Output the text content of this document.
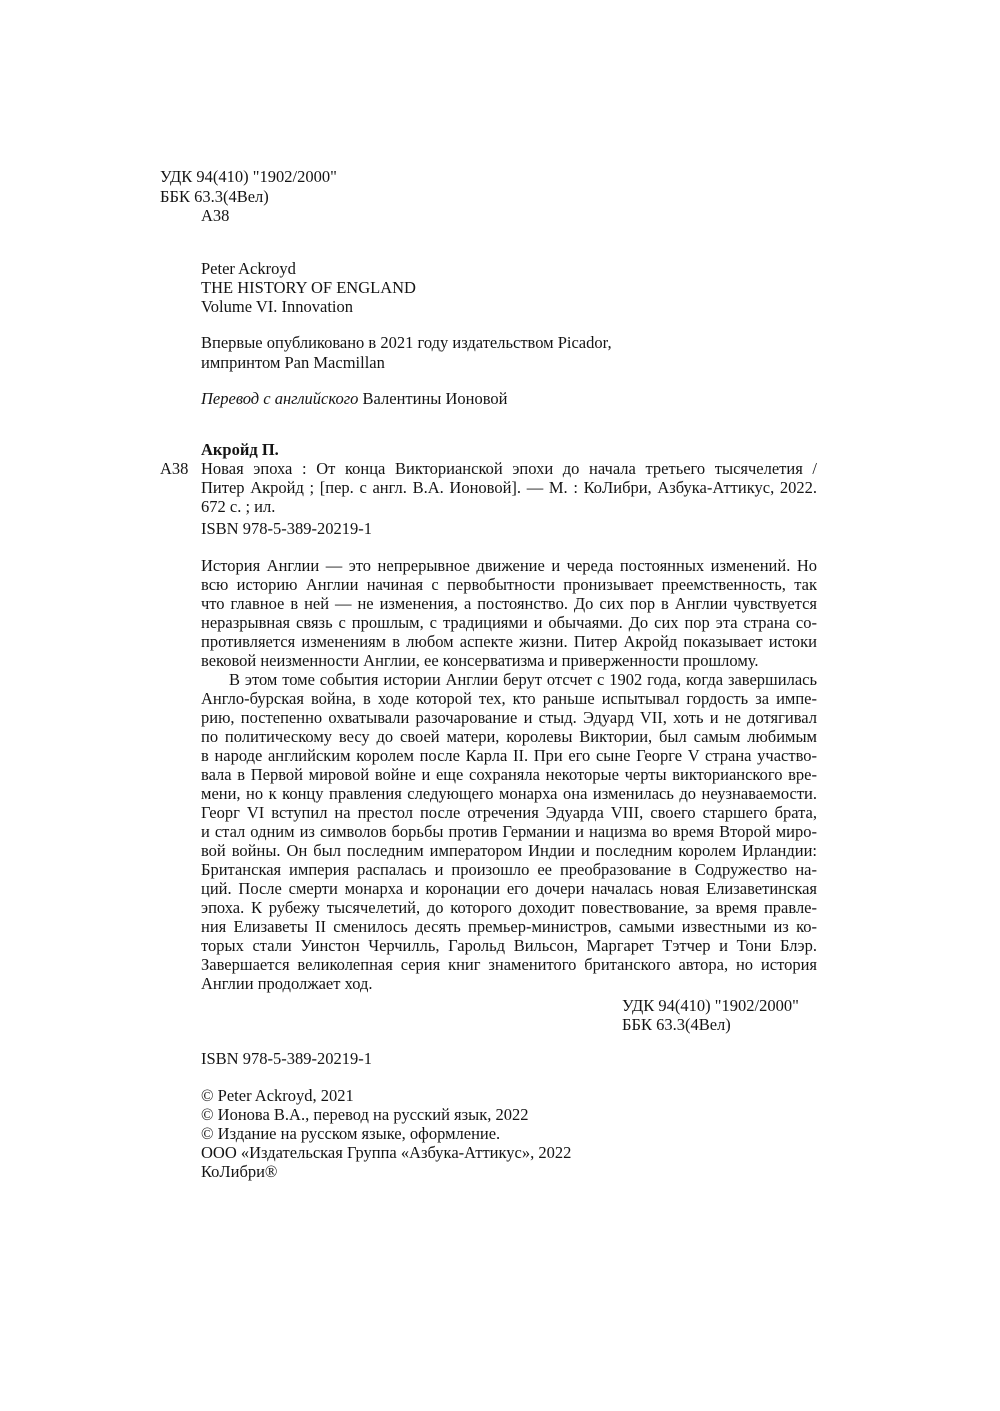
УДК 94(410) "1902/2000"
ББК 63.3(4Вел)
А38
Peter Ackroyd
THE HISTORY OF ENGLAND
Volume VI. Innovation
Впервые опубликовано в 2021 году издательством Picador,
импринтом Pan Macmillan
Перевод с английского Валентины Ионовой
Акройд П.
А38 Новая эпоха : От конца Викторианской эпохи до начала третьего тысячелетия /
Питер Акройд ; [пер. с англ. В.А. Ионовой]. — М. : КоЛибри, Азбука-Аттикус, 2022.
672 с. ; ил.
ISBN 978-5-389-20219-1
История Англии — это непрерывное движение и череда постоянных изменений. Но
всю историю Англии начиная с первобытности пронизывает преемственность, так
что главное в ней — не изменения, а постоянство. До сих пор в Англии чувствуется
неразрывная связь с прошлым, с традициями и обычаями. До сих пор эта страна со-
противляется изменениям в любом аспекте жизни. Питер Акройд показывает истоки
вековой неизменности Англии, ее консерватизма и приверженности прошлому.
В этом томе события истории Англии берут отсчет с 1902 года, когда завершилась
Англо-бурская война, в ходе которой тех, кто раньше испытывал гордость за импе-
рию, постепенно охватывали разочарование и стыд. Эдуард VII, хоть и не дотягивал
по политическому весу до своей матери, королевы Виктории, был самым любимым
в народе английским королем после Карла II. При его сыне Георге V страна участво-
вала в Первой мировой войне и еще сохраняла некоторые черты викторианского вре-
мени, но к концу правления следующего монарха она изменилась до неузнаваемости.
Георг VI вступил на престол после отречения Эдуарда VIII, своего старшего брата,
и стал одним из символов борьбы против Германии и нацизма во время Второй миро-
вой войны. Он был последним императором Индии и последним королем Ирландии:
Британская империя распалась и произошло ее преобразование в Содружество на-
ций. После смерти монарха и коронации его дочери началась новая Елизаветинская
эпоха. К рубежу тысячелетий, до которого доходит повествование, за время правле-
ния Елизаветы II сменилось десять премьер-министров, самыми известными из ко-
торых стали Уинстон Черчилль, Гарольд Вильсон, Маргарет Тэтчер и Тони Блэр.
Завершается великолепная серия книг знаменитого британского автора, но история
Англии продолжает ход.
УДК 94(410) "1902/2000"
ББК 63.3(4Вел)
ISBN 978-5-389-20219-1
© Peter Ackroyd, 2021
© Ионова В.А., перевод на русский язык, 2022
© Издание на русском языке, оформление.
ООО «Издательская Группа «Азбука-Аттикус», 2022
КоЛибри®
